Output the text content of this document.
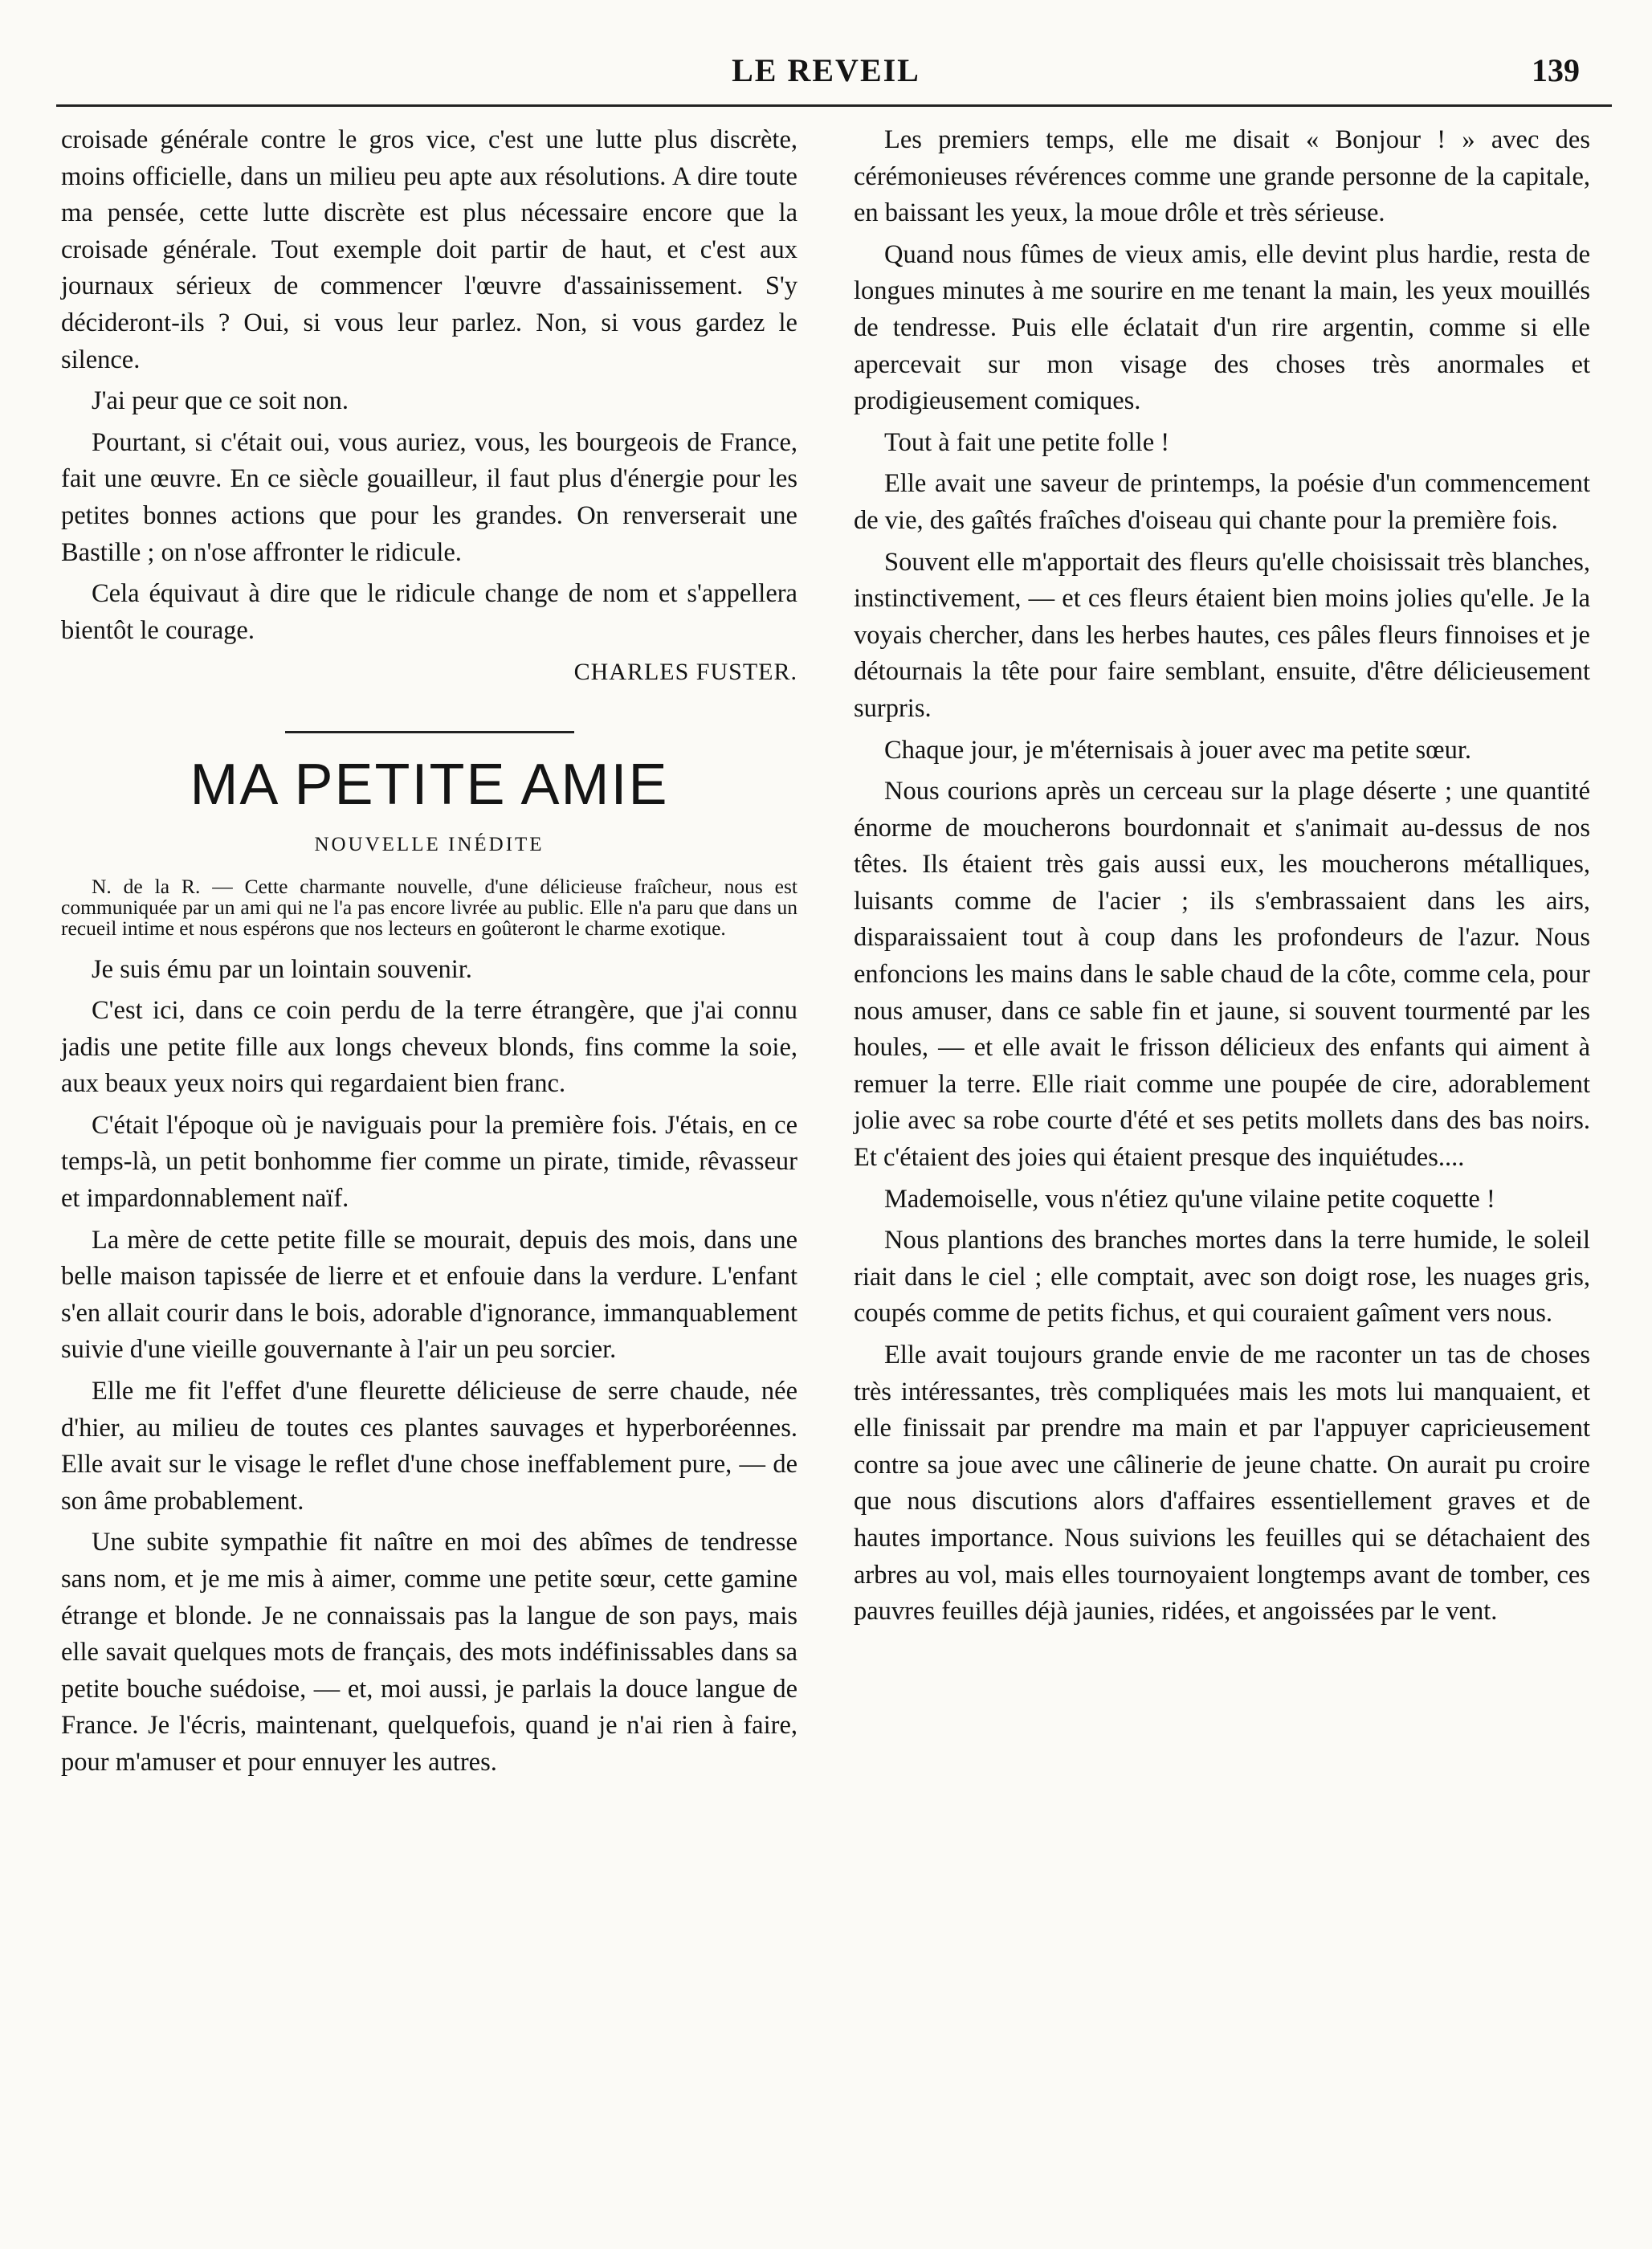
LE REVEIL	139

croisade générale contre le gros vice, c'est une lutte plus discrète, moins officielle, dans un milieu peu apte aux résolutions. A dire toute ma pensée, cette lutte discrète est plus nécessaire encore que la croisade générale. Tout exemple doit partir de haut, et c'est aux journaux sérieux de commencer l'œuvre d'assainissement. S'y décideront-ils ? Oui, si vous leur parlez. Non, si vous gardez le silence.

J'ai peur que ce soit non.

Pourtant, si c'était oui, vous auriez, vous, les bourgeois de France, fait une œuvre. En ce siècle gouailleur, il faut plus d'énergie pour les petites bonnes actions que pour les grandes. On renverserait une Bastille ; on n'ose affronter le ridicule.

Cela équivaut à dire que le ridicule change de nom et s'appellera bientôt le courage.

CHARLES FUSTER.

MA PETITE AMIE
NOUVELLE INÉDITE
N. de la R. — Cette charmante nouvelle, d'une délicieuse fraîcheur, nous est communiquée par un ami qui ne l'a pas encore livrée au public. Elle n'a paru que dans un recueil intime et nous espérons que nos lecteurs en goûteront le charme exotique.

Je suis ému par un lointain souvenir.

C'est ici, dans ce coin perdu de la terre étrangère, que j'ai connu jadis une petite fille aux longs cheveux blonds, fins comme la soie, aux beaux yeux noirs qui regardaient bien franc.

C'était l'époque où je naviguais pour la première fois. J'étais, en ce temps-là, un petit bonhomme fier comme un pirate, timide, rêvasseur et impardonnablement naïf.

La mère de cette petite fille se mourait, depuis des mois, dans une belle maison tapissée de lierre et et enfouie dans la verdure. L'enfant s'en allait courir dans le bois, adorable d'ignorance, immanquablement suivie d'une vieille gouvernante à l'air un peu sorcier.

Elle me fit l'effet d'une fleurette délicieuse de serre chaude, née d'hier, au milieu de toutes ces plantes sauvages et hyperboréennes. Elle avait sur le visage le reflet d'une chose ineffablement pure, — de son âme probablement.

Une subite sympathie fit naître en moi des abîmes de tendresse sans nom, et je me mis à aimer, comme une petite sœur, cette gamine étrange et blonde. Je ne connaissais pas la langue de son pays, mais elle savait quelques mots de français, des mots indéfinissables dans sa petite bouche suédoise, — et, moi aussi, je parlais la douce langue de France. Je l'écris, maintenant, quelquefois, quand je n'ai rien à faire, pour m'amuser et pour ennuyer les autres.

Les premiers temps, elle me disait « Bonjour ! » avec des cérémonieuses révérences comme une grande personne de la capitale, en baissant les yeux, la moue drôle et très sérieuse.

Quand nous fûmes de vieux amis, elle devint plus hardie, resta de longues minutes à me sourire en me tenant la main, les yeux mouillés de tendresse. Puis elle éclatait d'un rire argentin, comme si elle apercevait sur mon visage des choses très anormales et prodigieusement comiques.

Tout à fait une petite folle !

Elle avait une saveur de printemps, la poésie d'un commencement de vie, des gaîtés fraîches d'oiseau qui chante pour la première fois.

Souvent elle m'apportait des fleurs qu'elle choisissait très blanches, instinctivement, — et ces fleurs étaient bien moins jolies qu'elle. Je la voyais chercher, dans les herbes hautes, ces pâles fleurs finnoises et je détournais la tête pour faire semblant, ensuite, d'être délicieusement surpris.

Chaque jour, je m'éternisais à jouer avec ma petite sœur.

Nous courions après un cerceau sur la plage déserte ; une quantité énorme de moucherons bourdonnait et s'animait au-dessus de nos têtes. Ils étaient très gais aussi eux, les moucherons métalliques, luisants comme de l'acier ; ils s'embrassaient dans les airs, disparaissaient tout à coup dans les profondeurs de l'azur. Nous enfoncions les mains dans le sable chaud de la côte, comme cela, pour nous amuser, dans ce sable fin et jaune, si souvent tourmenté par les houles, — et elle avait le frisson délicieux des enfants qui aiment à remuer la terre. Elle riait comme une poupée de cire, adorablement jolie avec sa robe courte d'été et ses petits mollets dans des bas noirs. Et c'étaient des joies qui étaient presque des inquiétudes....

Mademoiselle, vous n'étiez qu'une vilaine petite coquette !

Nous plantions des branches mortes dans la terre humide, le soleil riait dans le ciel ; elle comptait, avec son doigt rose, les nuages gris, coupés comme de petits fichus, et qui couraient gaîment vers nous.

Elle avait toujours grande envie de me raconter un tas de choses très intéressantes, très compliquées mais les mots lui manquaient, et elle finissait par prendre ma main et par l'appuyer capricieusement contre sa joue avec une câlinerie de jeune chatte. On aurait pu croire que nous discutions alors d'affaires essentiellement graves et de hautes importance. Nous suivions les feuilles qui se détachaient des arbres au vol, mais elles tournoyaient longtemps avant de tomber, ces pauvres feuilles déjà jaunies, ridées, et angoissées par le vent.
